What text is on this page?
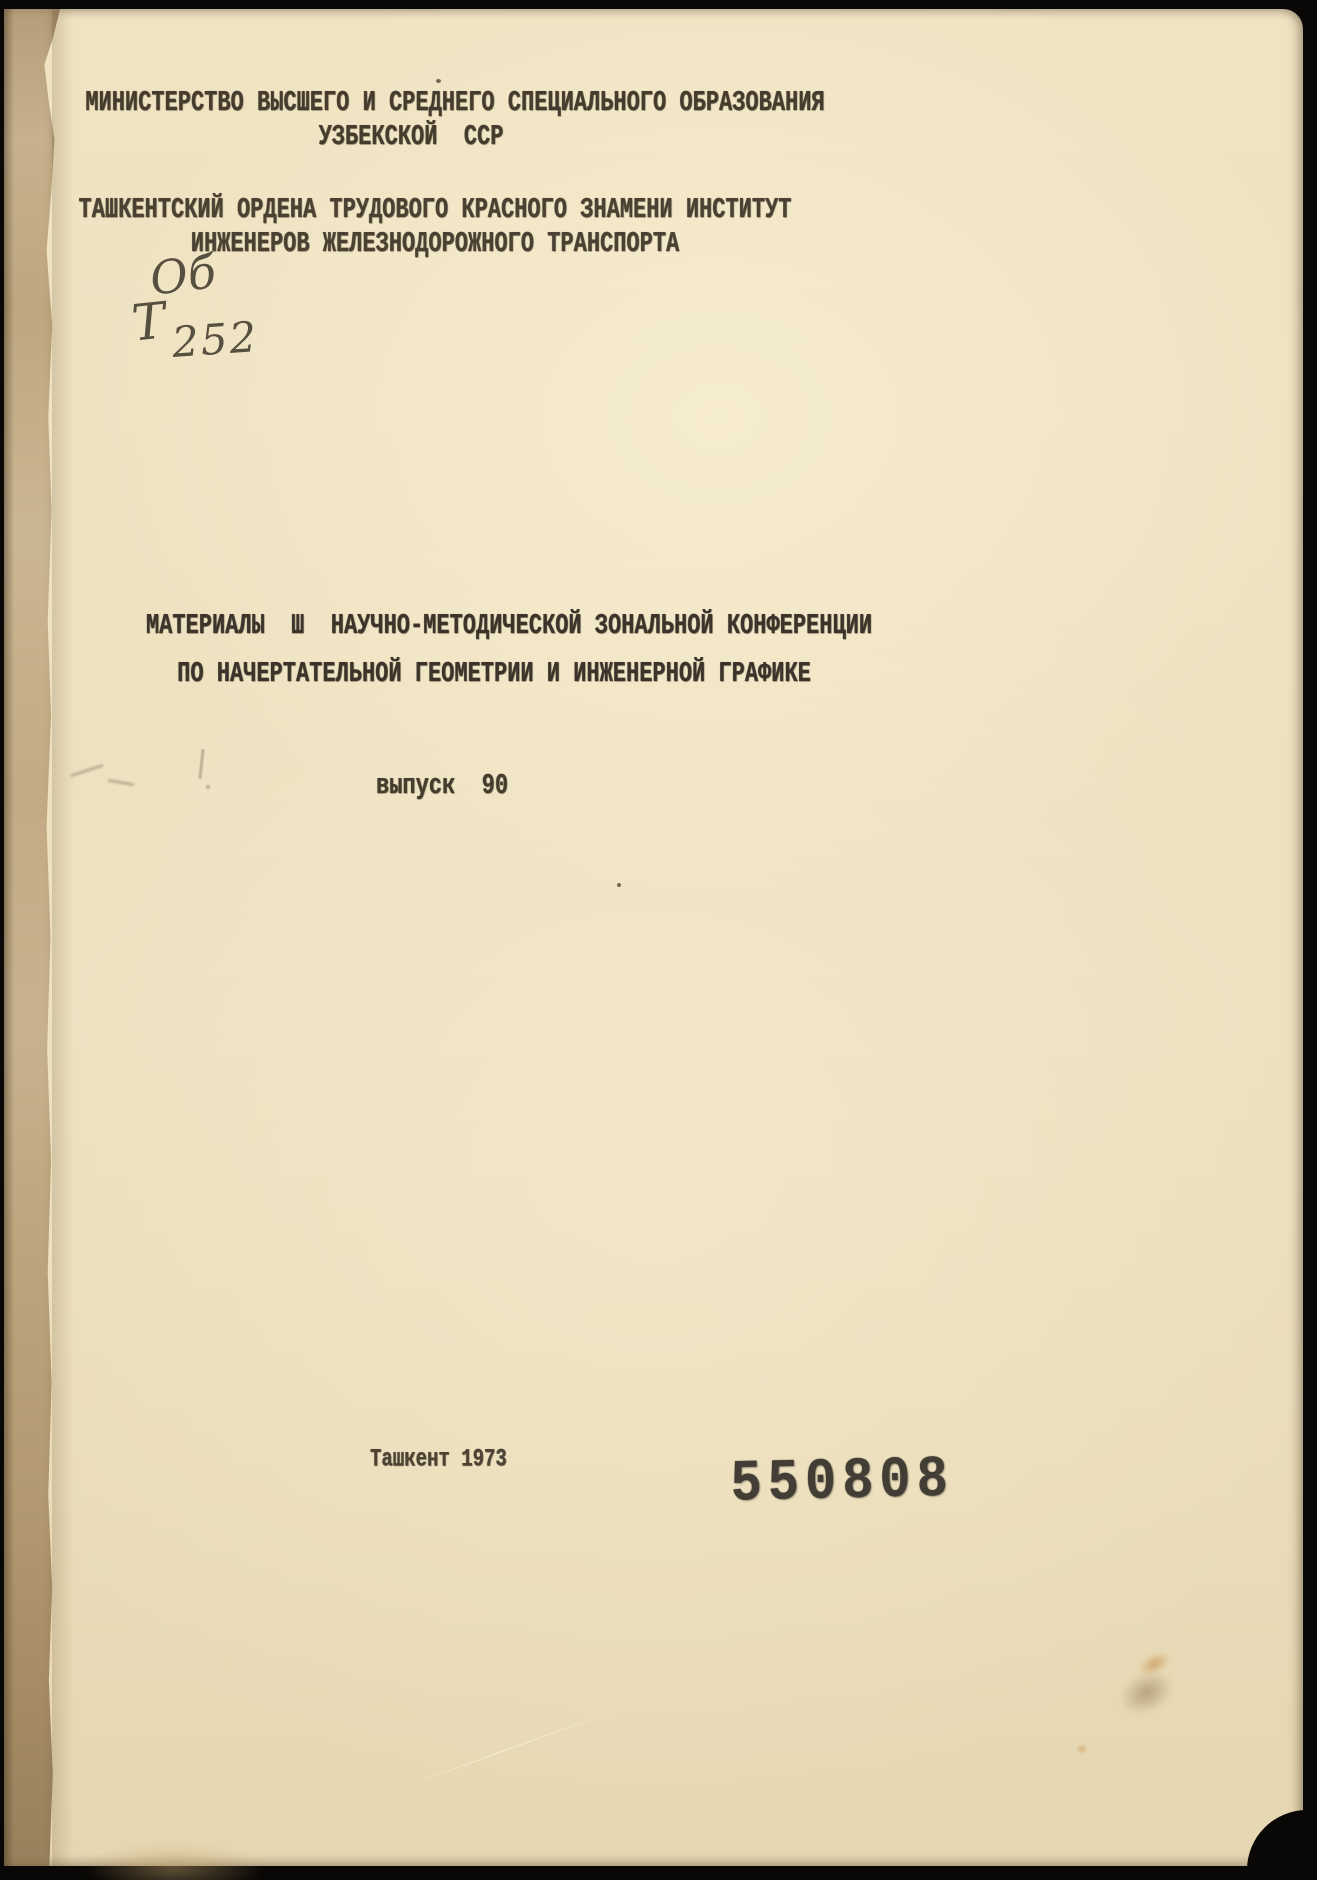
МИНИСТЕРСТВО ВЫСШЕГО И СРЕДНЕГО СПЕЦИАЛЬНОГО ОБРАЗОВАНИЯ
УЗБЕКСКОЙ  ССР
ТАШКЕНТСКИЙ ОРДЕНА ТРУДОВОГО КРАСНОГО ЗНАМЕНИ ИНСТИТУТ
ИНЖЕНЕРОВ ЖЕЛЕЗНОДОРОЖНОГО ТРАНСПОРТА
Об
Т 252
МАТЕРИАЛЫ  Ш  НАУЧНО-МЕТОДИЧЕСКОЙ ЗОНАЛЬНОЙ КОНФЕРЕНЦИИ
ПО НАЧЕРТАТЕЛЬНОЙ ГЕОМЕТРИИ И ИНЖЕНЕРНОЙ ГРАФИКЕ
выпуск  90
Ташкент 1973	550808
